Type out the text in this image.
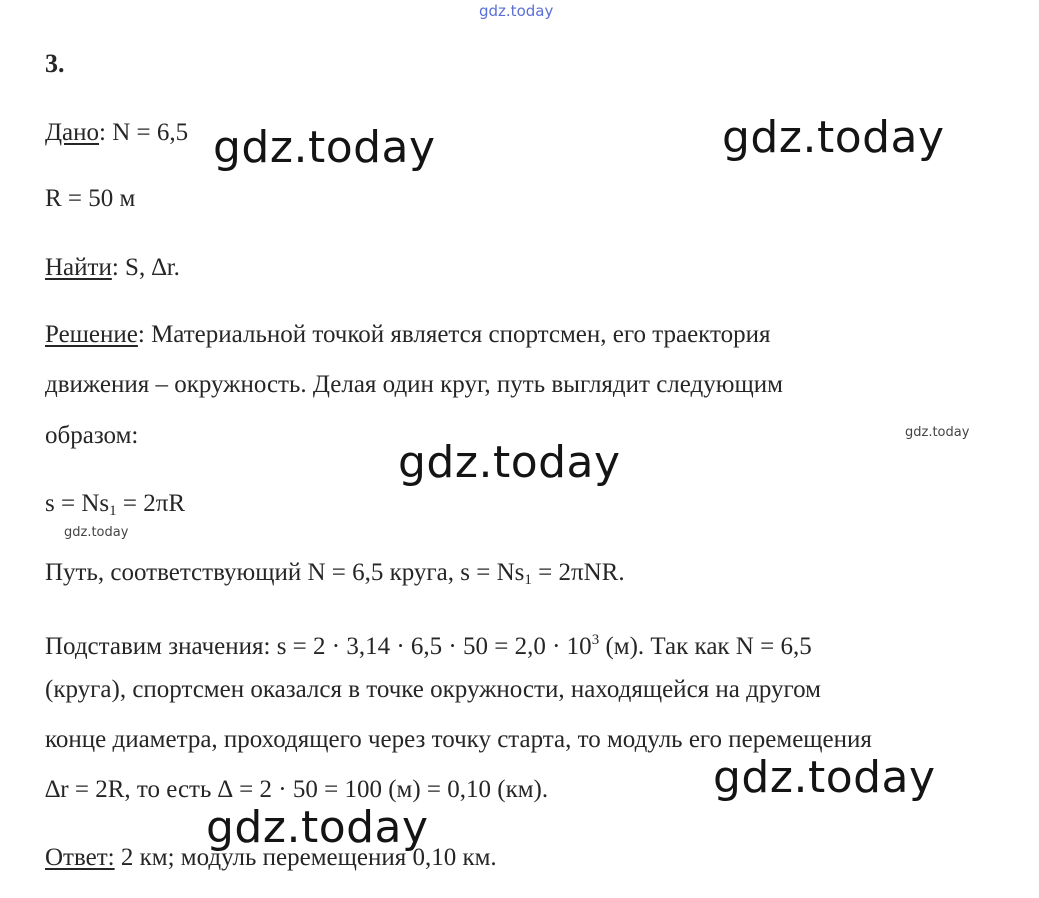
gdz.today
gdz.today	gdz.today
gdz.today
gdz.today
gdz.today
gdz.today
gdz.today
3.
Дано: N = 6,5
R = 50 м
Найти: S, ∆r.
Решение: Материальной точкой является спортсмен, его траектория
движения – окружность. Делая один круг, путь выглядит следующим
образом:
$s = Ns_1 = 2\pi R$
Путь, соответствующий N = 6,5 круга, $s = Ns_1 = 2\pi NR$.
Подставим значения: $s = 2 \cdot 3,14 \cdot 6,5 \cdot 50 = 2,0 \cdot 10^3$ (м). Так как N = 6,5
(круга), спортсмен оказался в точке окружности, находящейся на другом
конце диаметра, проходящего через точку старта, то модуль его перемещения
∆r = 2R, то есть ∆ = 2 · 50 = 100 (м) = 0,10 (км).
Ответ: 2 км; модуль перемещения 0,10 км.
